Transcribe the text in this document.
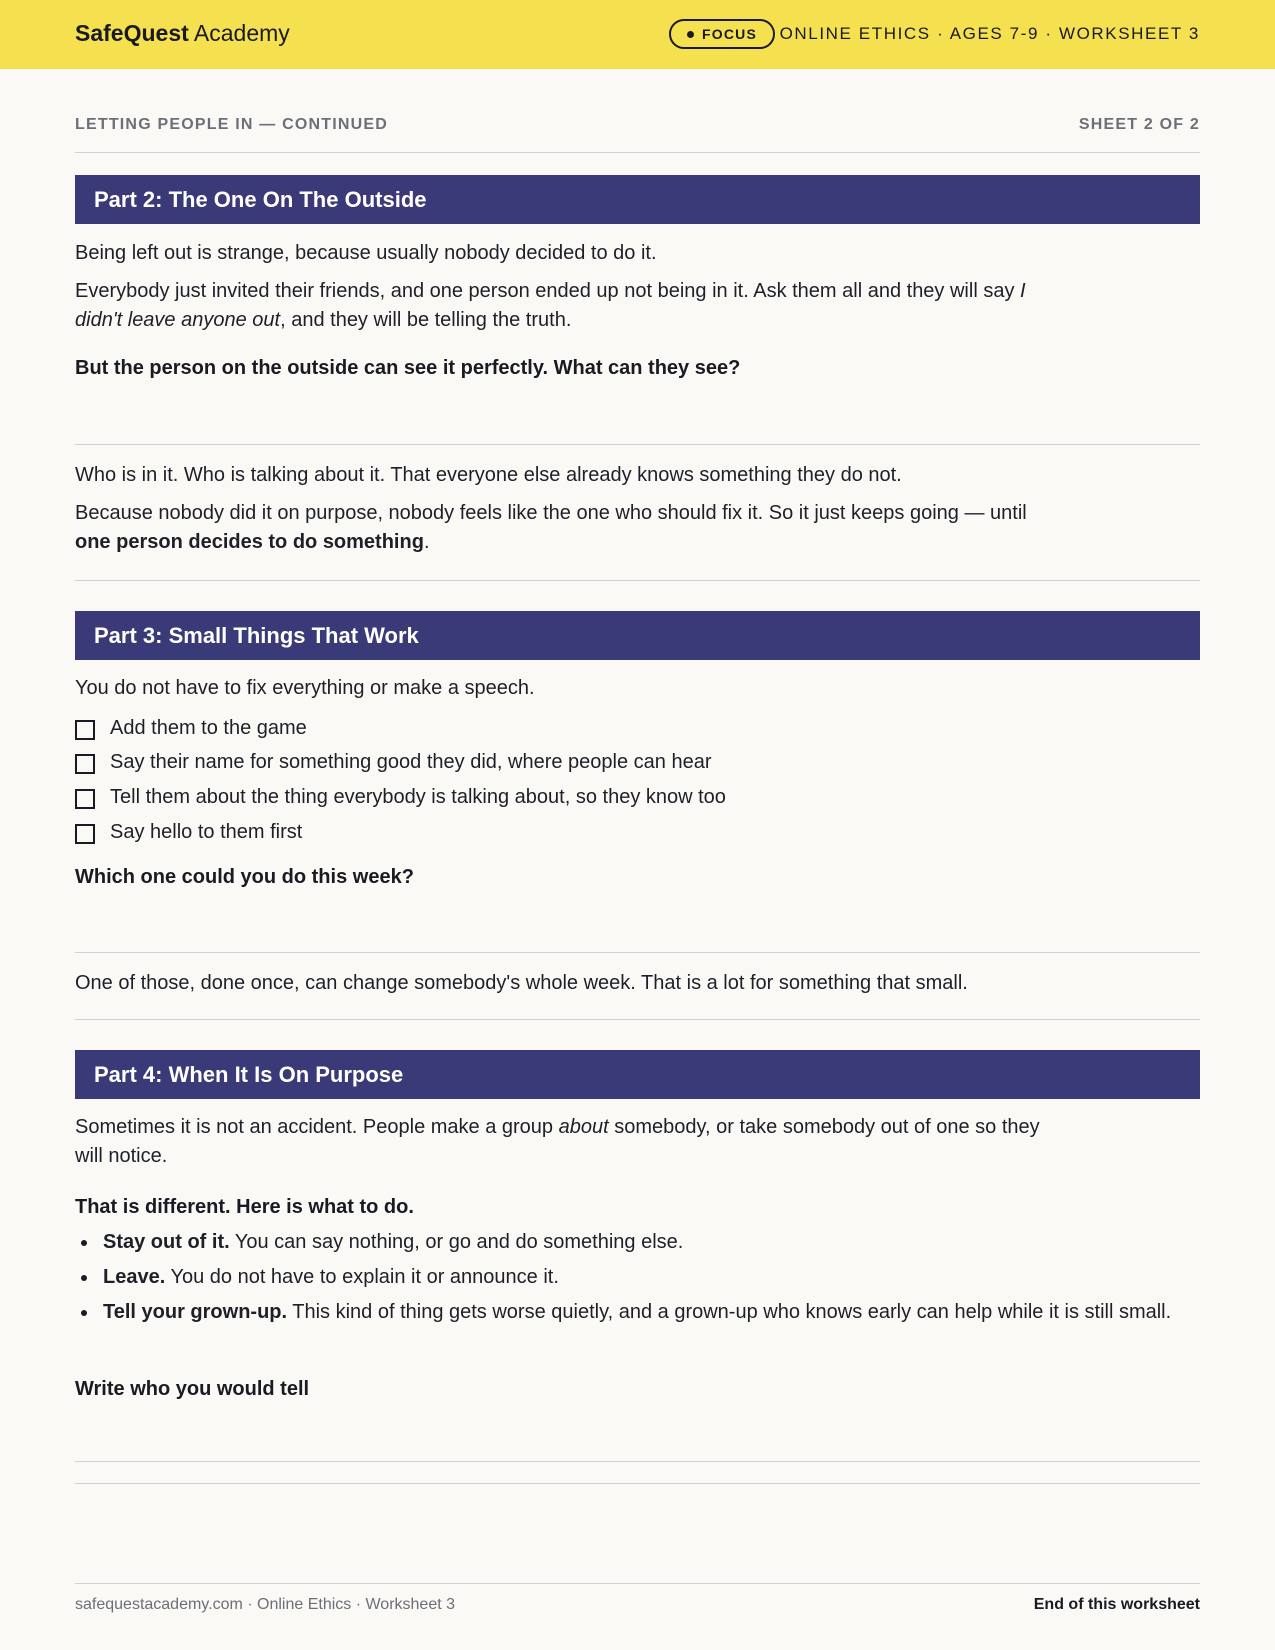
SafeQuest Academy	FOCUS ONLINE ETHICS · AGES 7-9 · WORKSHEET 3
LETTING PEOPLE IN — CONTINUED	SHEET 2 OF 2
Part 2: The One On The Outside
Being left out is strange, because usually nobody decided to do it.
Everybody just invited their friends, and one person ended up not being in it. Ask them all and they will say I didn't leave anyone out, and they will be telling the truth.
But the person on the outside can see it perfectly. What can they see?
Who is in it. Who is talking about it. That everyone else already knows something they do not.
Because nobody did it on purpose, nobody feels like the one who should fix it. So it just keeps going — until one person decides to do something.
Part 3: Small Things That Work
You do not have to fix everything or make a speech.
Add them to the game
Say their name for something good they did, where people can hear
Tell them about the thing everybody is talking about, so they know too
Say hello to them first
Which one could you do this week?
One of those, done once, can change somebody's whole week. That is a lot for something that small.
Part 4: When It Is On Purpose
Sometimes it is not an accident. People make a group about somebody, or take somebody out of one so they will notice.
That is different. Here is what to do.
Stay out of it. You can say nothing, or go and do something else.
Leave. You do not have to explain it or announce it.
Tell your grown-up. This kind of thing gets worse quietly, and a grown-up who knows early can help while it is still small.
Write who you would tell
safequestacademy.com · Online Ethics · Worksheet 3	End of this worksheet
